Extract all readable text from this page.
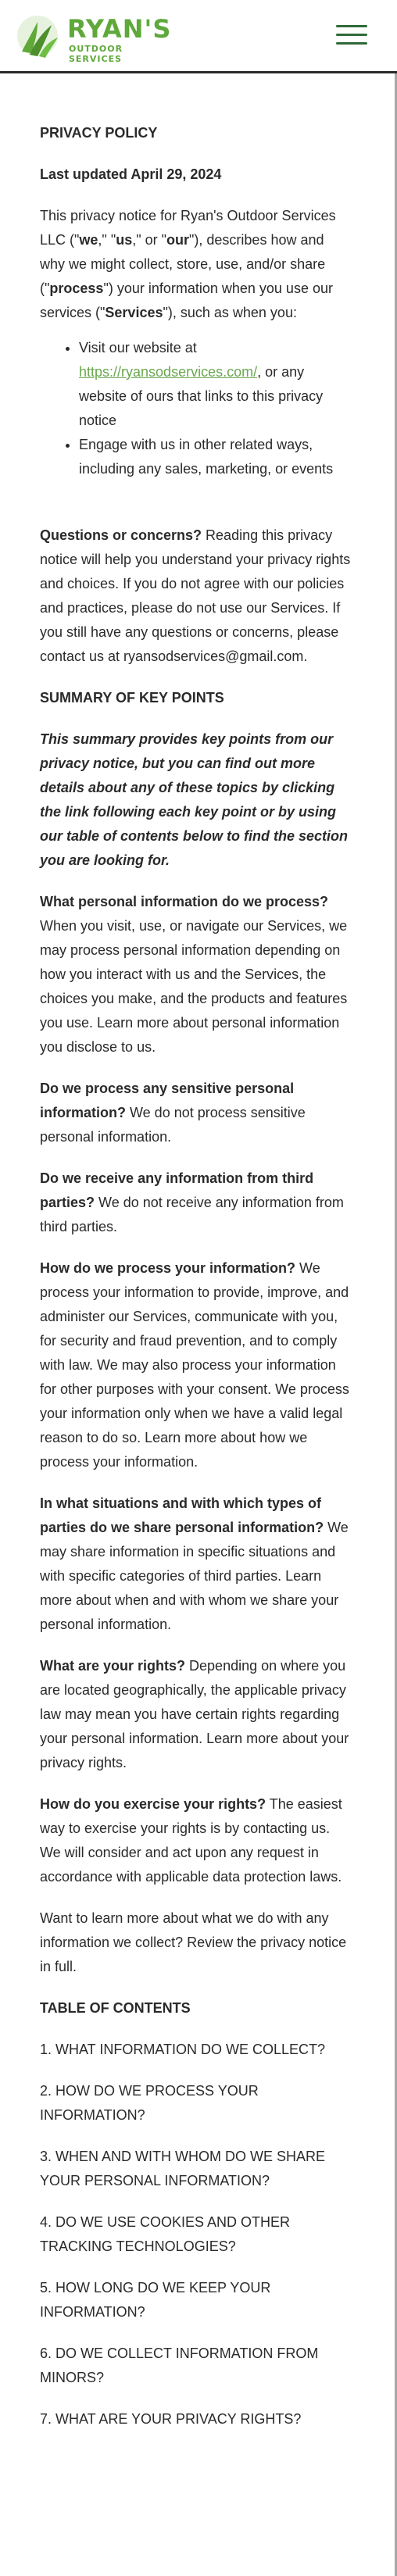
RYAN'S
OUTDOOR SERVICES

PRIVACY POLICY

Last updated April 29, 2024

This privacy notice for Ryan's Outdoor Services LLC ("we," "us," or "our"), describes how and why we might collect, store, use, and/or share ("process") your information when you use our services ("Services"), such as when you:

• Visit our website at https://ryansodservices.com/, or any website of ours that links to this privacy notice
• Engage with us in other related ways, including any sales, marketing, or events

Questions or concerns? Reading this privacy notice will help you understand your privacy rights and choices. If you do not agree with our policies and practices, please do not use our Services. If you still have any questions or concerns, please contact us at ryansodservices@gmail.com.

SUMMARY OF KEY POINTS

This summary provides key points from our privacy notice, but you can find out more details about any of these topics by clicking the link following each key point or by using our table of contents below to find the section you are looking for.

What personal information do we process? When you visit, use, or navigate our Services, we may process personal information depending on how you interact with us and the Services, the choices you make, and the products and features you use. Learn more about personal information you disclose to us.

Do we process any sensitive personal information? We do not process sensitive personal information.

Do we receive any information from third parties? We do not receive any information from third parties.

How do we process your information? We process your information to provide, improve, and administer our Services, communicate with you, for security and fraud prevention, and to comply with law. We may also process your information for other purposes with your consent. We process your information only when we have a valid legal reason to do so. Learn more about how we process your information.

In what situations and with which types of parties do we share personal information? We may share information in specific situations and with specific categories of third parties. Learn more about when and with whom we share your personal information.

What are your rights? Depending on where you are located geographically, the applicable privacy law may mean you have certain rights regarding your personal information. Learn more about your privacy rights.

How do you exercise your rights? The easiest way to exercise your rights is by contacting us. We will consider and act upon any request in accordance with applicable data protection laws.

Want to learn more about what we do with any information we collect? Review the privacy notice in full.

TABLE OF CONTENTS

1. WHAT INFORMATION DO WE COLLECT?
2. HOW DO WE PROCESS YOUR INFORMATION?
3. WHEN AND WITH WHOM DO WE SHARE YOUR PERSONAL INFORMATION?
4. DO WE USE COOKIES AND OTHER TRACKING TECHNOLOGIES?
5. HOW LONG DO WE KEEP YOUR INFORMATION?
6. DO WE COLLECT INFORMATION FROM MINORS?
7. WHAT ARE YOUR PRIVACY RIGHTS?
